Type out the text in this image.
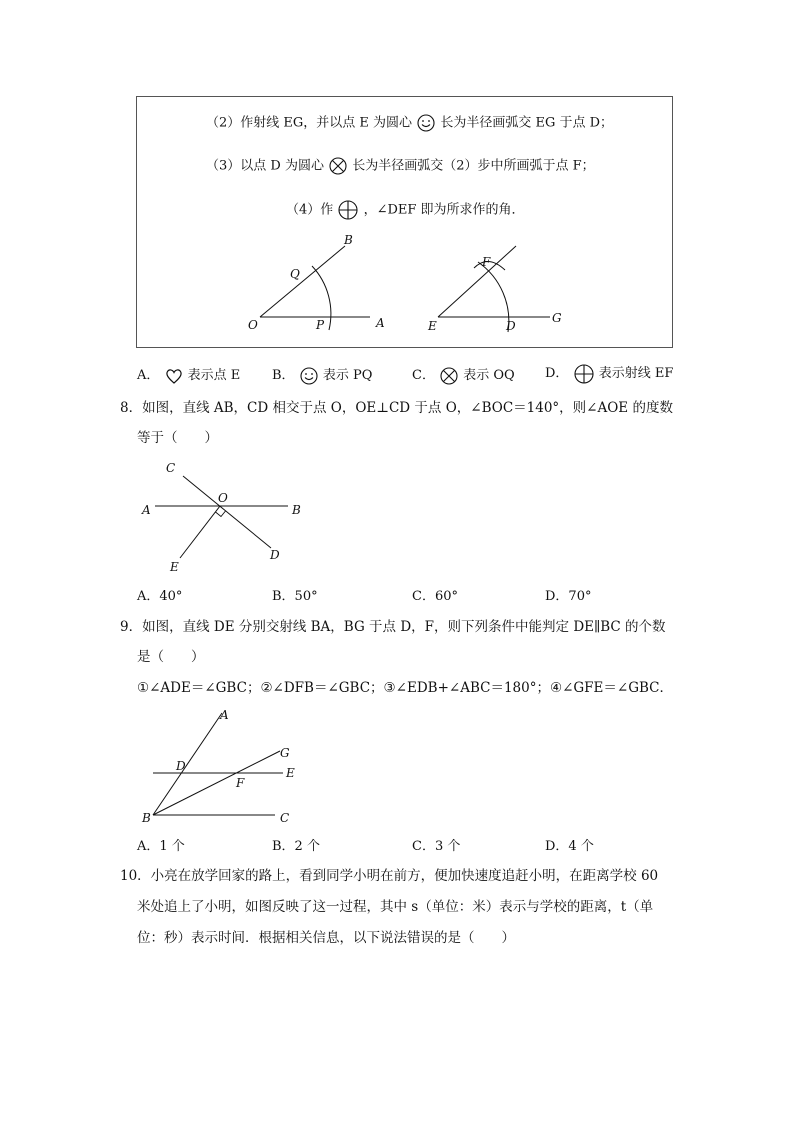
（2）作射线 EG，并以点 E 为圆心 长为半径画弧交 EG 于点 D；
（3）以点 D 为圆心 长为半径画弧交（2）步中所画弧于点 F；
（4）作 ，∠DEF 即为所求作的角．
B
Q
O	P	A
F
E	D
G
A． 表示点 E B． 表示 PQ	C． 表示 OQ D． 表示射线 EF
8．如图，直线 AB，CD 相交于点 O，OE⊥CD 于点 O，∠BOC＝140°，则∠AOE 的度数
等于（　　）
C
O
A	B
E
D
A．40°	B．50°	C．60°	D．70°
9．如图，直线 DE 分别交射线 BA，BG 于点 D，F，则下列条件中能判定 DE∥BC 的个数
是（　　）
①∠ADE＝∠GBC；②∠DFB＝∠GBC；③∠EDB+∠ABC＝180°；④∠GFE＝∠GBC．
A
G
D	E
F
B	C
A．1 个	B．2 个	C．3 个	D．4 个
10．小亮在放学回家的路上，看到同学小明在前方，便加快速度追赶小明，在距离学校 60
米处追上了小明，如图反映了这一过程，其中 s（单位：米）表示与学校的距离，t（单
位：秒）表示时间．根据相关信息，以下说法错误的是（　　）
